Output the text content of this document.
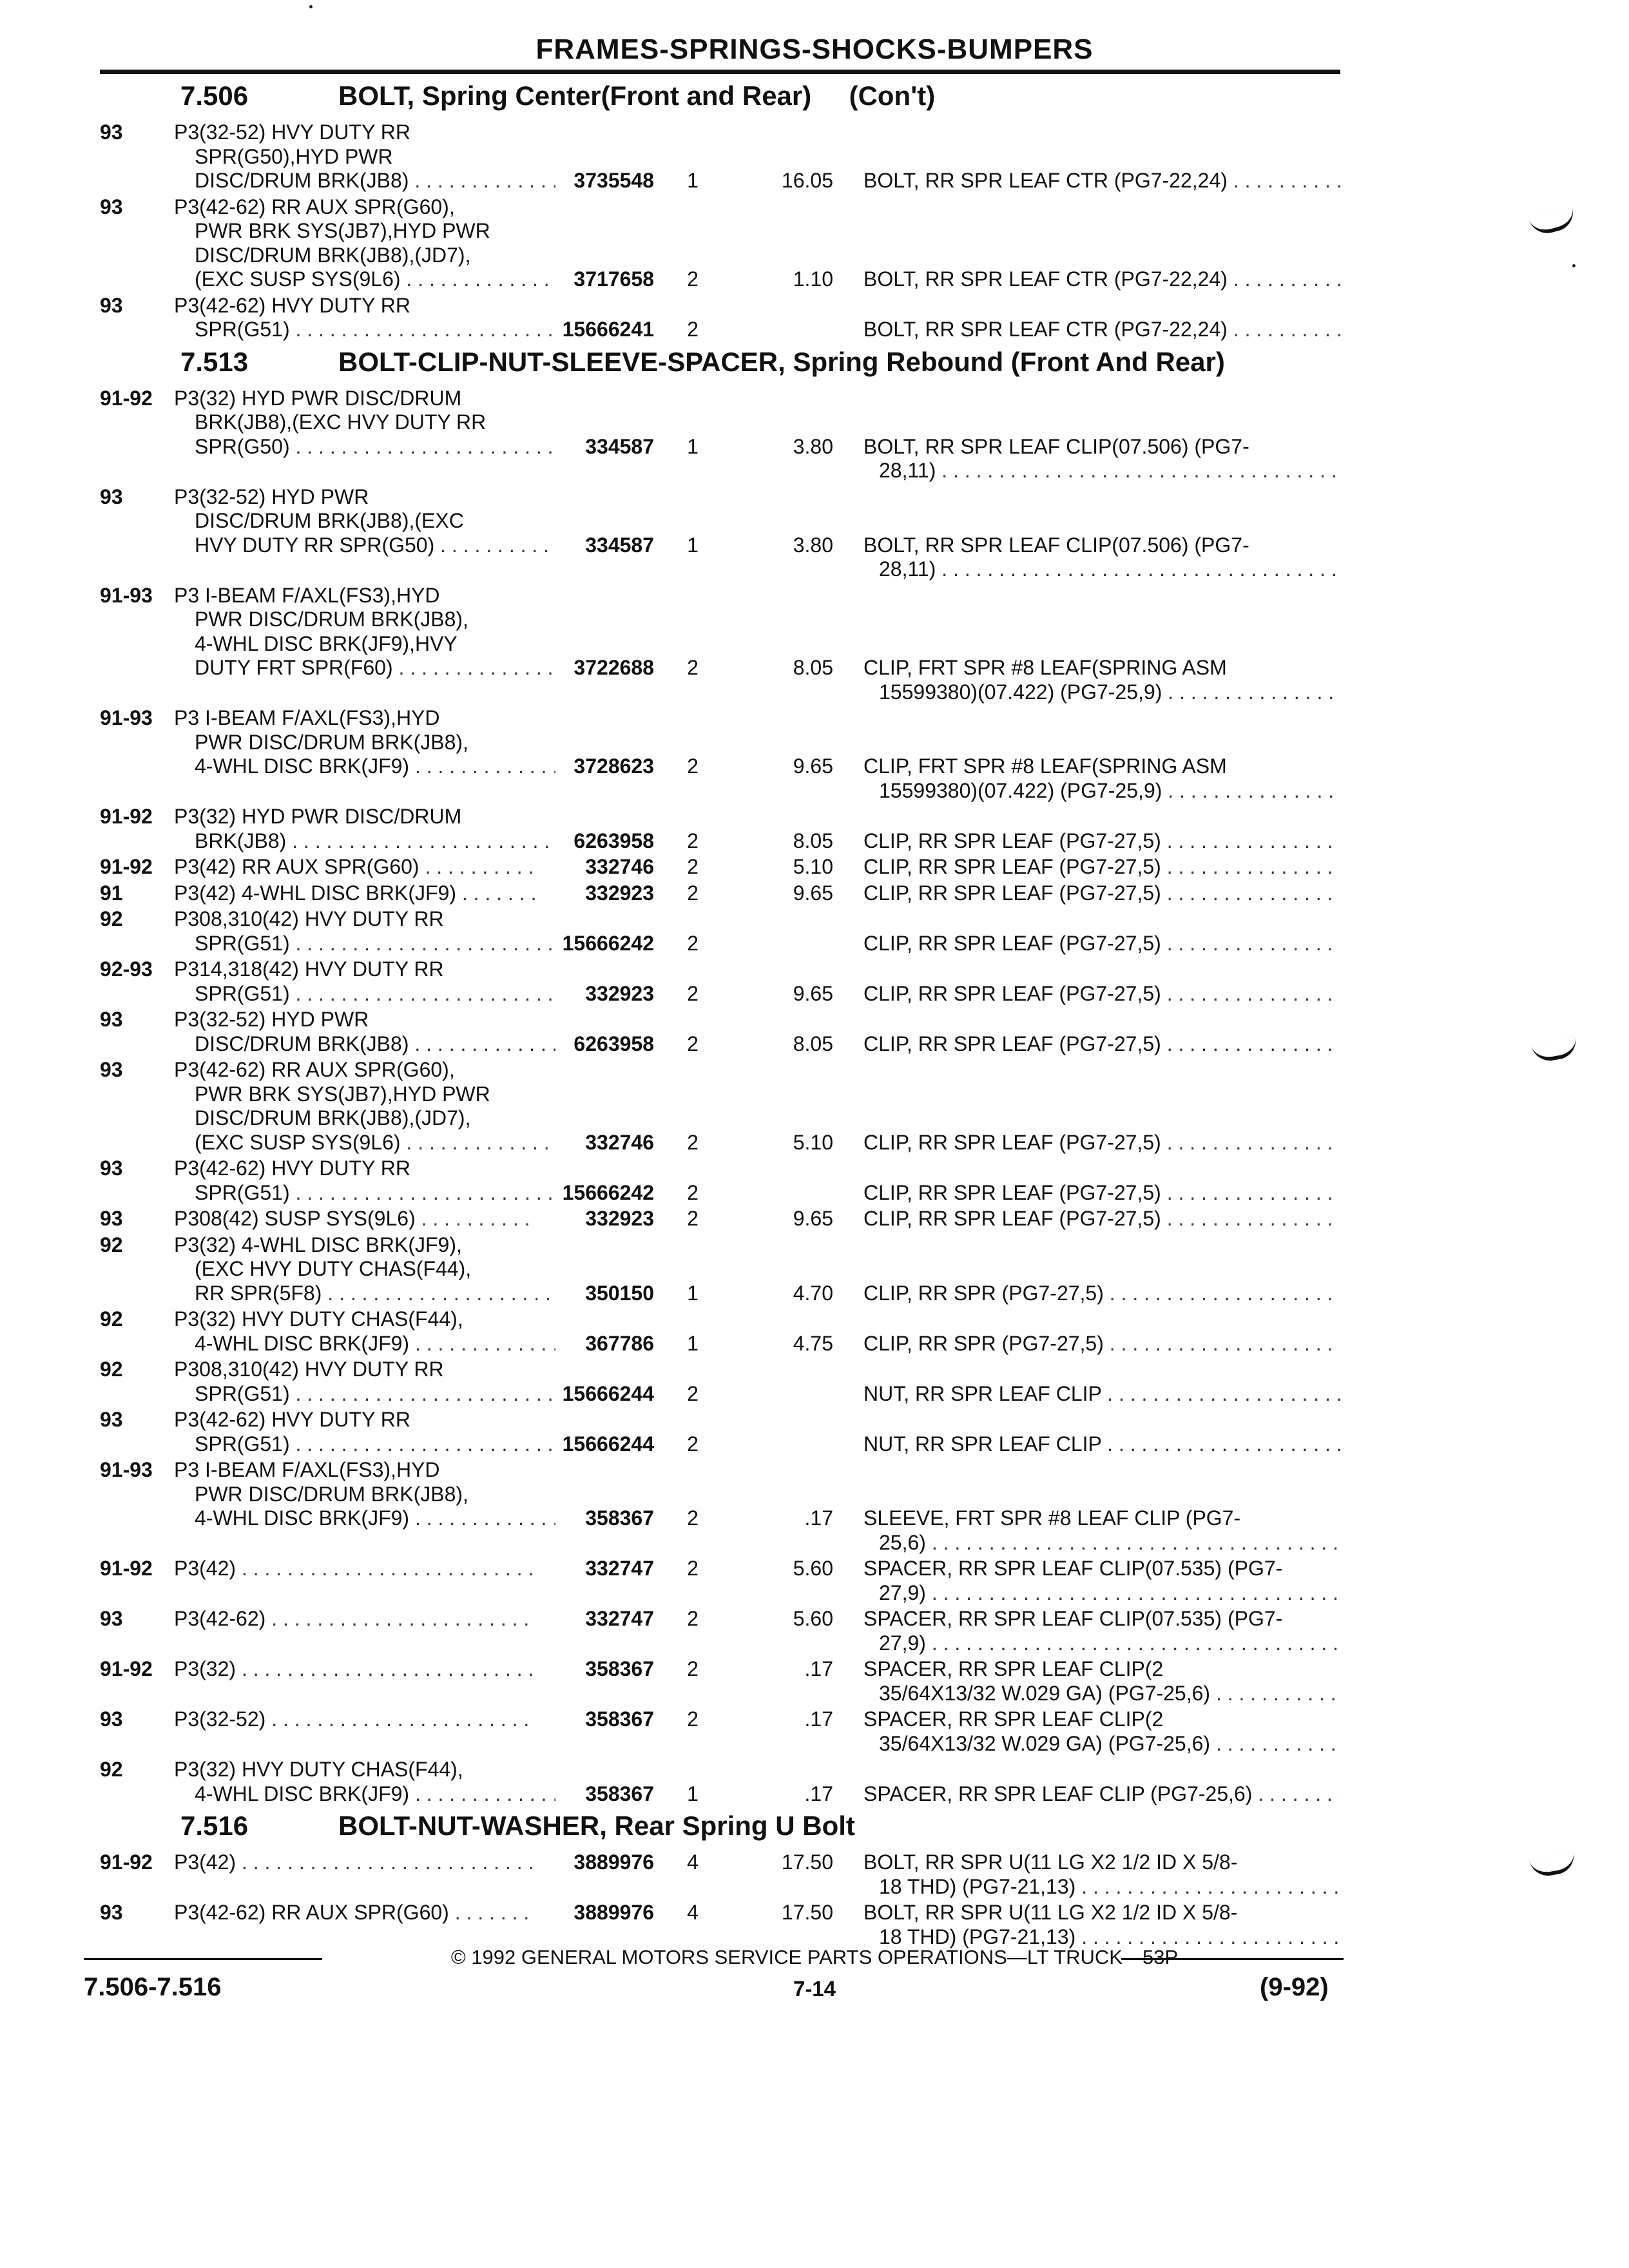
FRAMES-SPRINGS-SHOCKS-BUMPERS
7.506	BOLT, Spring Center(Front and Rear)     (Con't)
93 P3(32-52) HVY DUTY RR
SPR(G50),HYD PWR
DISC/DRUM BRK(JB8) . . .	3735548 1	16.05 BOLT, RR SPR LEAF CTR (PG7-22,24) . . .
93 P3(42-62) RR AUX SPR(G60),
PWR BRK SYS(JB7),HYD PWR
DISC/DRUM BRK(JB8),(JD7),
(EXC SUSP SYS(9L6) . . .	3717658 2	1.10 BOLT, RR SPR LEAF CTR (PG7-22,24) . . .
93 P3(42-62) HVY DUTY RR
SPR(G51) . . .	15666241 2	BOLT, RR SPR LEAF CTR (PG7-22,24) . . .
7.513	BOLT-CLIP-NUT-SLEEVE-SPACER, Spring Rebound (Front And Rear)
91-92 P3(32) HYD PWR DISC/DRUM
BRK(JB8),(EXC HVY DUTY RR
SPR(G50) . . .	334587 1	3.80 BOLT, RR SPR LEAF CLIP(07.506) (PG7-
28,11) . . .
93 P3(32-52) HYD PWR
DISC/DRUM BRK(JB8),(EXC
HVY DUTY RR SPR(G50) . . .	334587 1	3.80 BOLT, RR SPR LEAF CLIP(07.506) (PG7-
28,11) . . .
91-93 P3 I-BEAM F/AXL(FS3),HYD
PWR DISC/DRUM BRK(JB8),
4-WHL DISC BRK(JF9),HVY
DUTY FRT SPR(F60) . . .	3722688 2	8.05 CLIP, FRT SPR #8 LEAF(SPRING ASM
15599380)(07.422) (PG7-25,9) . . .
91-93 P3 I-BEAM F/AXL(FS3),HYD
PWR DISC/DRUM BRK(JB8),
4-WHL DISC BRK(JF9) . . .	3728623 2	9.65 CLIP, FRT SPR #8 LEAF(SPRING ASM
15599380)(07.422) (PG7-25,9) . . .
91-92 P3(32) HYD PWR DISC/DRUM
BRK(JB8) . . .	6263958 2	8.05 CLIP, RR SPR LEAF (PG7-27,5) . . .
91-92 P3(42) RR AUX SPR(G60) . . .	332746 2	5.10 CLIP, RR SPR LEAF (PG7-27,5) . . .
91 P3(42) 4-WHL DISC BRK(JF9) . . .	332923 2	9.65 CLIP, RR SPR LEAF (PG7-27,5) . . .
92 P308,310(42) HVY DUTY RR
SPR(G51) . . .	15666242 2	CLIP, RR SPR LEAF (PG7-27,5) . . .
92-93 P314,318(42) HVY DUTY RR
SPR(G51) . . .	332923 2	9.65 CLIP, RR SPR LEAF (PG7-27,5) . . .
93 P3(32-52) HYD PWR
DISC/DRUM BRK(JB8) . . .	6263958 2	8.05 CLIP, RR SPR LEAF (PG7-27,5) . . .
93 P3(42-62) RR AUX SPR(G60),
PWR BRK SYS(JB7),HYD PWR
DISC/DRUM BRK(JB8),(JD7),
(EXC SUSP SYS(9L6) . . .	332746 2	5.10 CLIP, RR SPR LEAF (PG7-27,5) . . .
93 P3(42-62) HVY DUTY RR
SPR(G51) . . .	15666242 2	CLIP, RR SPR LEAF (PG7-27,5) . . .
93 P308(42) SUSP SYS(9L6) . . .	332923 2	9.65 CLIP, RR SPR LEAF (PG7-27,5) . . .
92 P3(32) 4-WHL DISC BRK(JF9),
(EXC HVY DUTY CHAS(F44),
RR SPR(5F8) . . .	350150 1	4.70 CLIP, RR SPR (PG7-27,5) . . .
92 P3(32) HVY DUTY CHAS(F44),
4-WHL DISC BRK(JF9) . . .	367786 1	4.75 CLIP, RR SPR (PG7-27,5) . . .
92 P308,310(42) HVY DUTY RR
SPR(G51) . . .	15666244 2	NUT, RR SPR LEAF CLIP . . .
93 P3(42-62) HVY DUTY RR
SPR(G51) . . .	15666244 2	NUT, RR SPR LEAF CLIP . . .
91-93 P3 I-BEAM F/AXL(FS3),HYD
PWR DISC/DRUM BRK(JB8),
4-WHL DISC BRK(JF9) . . .	358367 2	.17 SLEEVE, FRT SPR #8 LEAF CLIP (PG7-
25,6) . . .
91-92 P3(42) . . .	332747 2	5.60 SPACER, RR SPR LEAF CLIP(07.535) (PG7-
27,9) . . .
93 P3(42-62) . . .	332747 2	5.60 SPACER, RR SPR LEAF CLIP(07.535) (PG7-
27,9) . . .
91-92 P3(32) . . .	358367 2	.17 SPACER, RR SPR LEAF CLIP(2
35/64X13/32 W.029 GA) (PG7-25,6) . . .
93 P3(32-52) . . .	358367 2	.17 SPACER, RR SPR LEAF CLIP(2
35/64X13/32 W.029 GA) (PG7-25,6) . . .
92 P3(32) HVY DUTY CHAS(F44),
4-WHL DISC BRK(JF9) . . .	358367 1	.17 SPACER, RR SPR LEAF CLIP (PG7-25,6) . . .
7.516	BOLT-NUT-WASHER, Rear Spring U Bolt
91-92 P3(42) . . .	3889976 4	17.50 BOLT, RR SPR U(11 LG X2 1/2 ID X 5/8-
18 THD) (PG7-21,13) . . .
93 P3(42-62) RR AUX SPR(G60) . . .	3889976 4	17.50 BOLT, RR SPR U(11 LG X2 1/2 ID X 5/8-
18 THD) (PG7-21,13) . . .
© 1992 GENERAL MOTORS SERVICE PARTS OPERATIONS—LT TRUCK—53P
7.506-7.516	7-14	(9-92)
